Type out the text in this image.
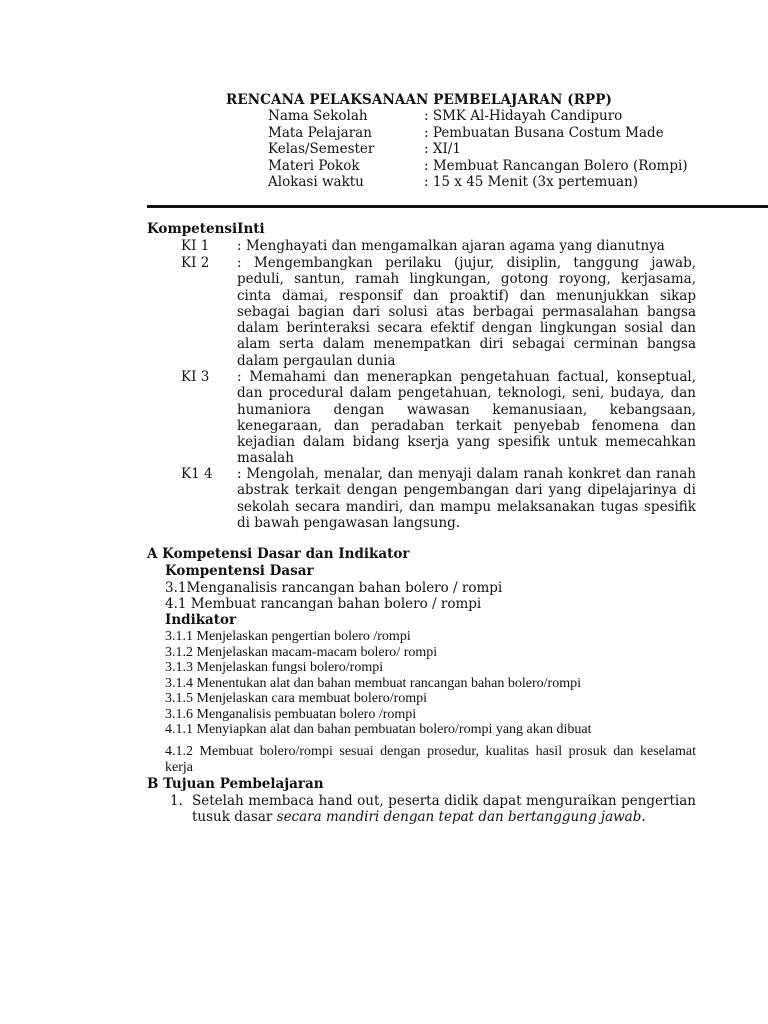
RENCANA PELAKSANAAN PEMBELAJARAN (RPP)
Nama Sekolah	: SMK Al-Hidayah Candipuro
Mata Pelajaran	: Pembuatan Busana Costum Made
Kelas/Semester	: XI/1
Materi Pokok	: Membuat Rancangan Bolero (Rompi)
Alokasi waktu	: 15 x 45 Menit (3x pertemuan)
KompetensiInti
KI 1	: Menghayati dan mengamalkan ajaran agama yang dianutnya
KI 2	: Mengembangkan perilaku (jujur, disiplin, tanggung jawab, peduli, santun, ramah lingkungan, gotong royong, kerjasama, cinta damai, responsif dan proaktif) dan menunjukkan sikap sebagai bagian dari solusi atas berbagai permasalahan bangsa dalam berinteraksi secara efektif dengan lingkungan sosial dan alam serta dalam menempatkan diri sebagai cerminan bangsa dalam pergaulan dunia
KI 3	: Memahami dan menerapkan pengetahuan factual, konseptual, dan procedural dalam pengetahuan, teknologi, seni, budaya, dan humaniora dengan wawasan kemanusiaan, kebangsaan, kenegaraan, dan peradaban terkait penyebab fenomena dan kejadian dalam bidang kserja yang spesifik untuk memecahkan masalah
K1 4	: Mengolah, menalar, dan menyaji dalam ranah konkret dan ranah abstrak terkait dengan pengembangan dari yang dipelajarinya di sekolah secara mandiri, dan mampu melaksanakan tugas spesifik di bawah pengawasan langsung.
A Kompetensi Dasar dan Indikator
Kompentensi Dasar
3.1Menganalisis rancangan bahan bolero / rompi
4.1 Membuat rancangan bahan bolero / rompi
Indikator
3.1.1 Menjelaskan pengertian bolero /rompi
3.1.2 Menjelaskan macam-macam bolero/ rompi
3.1.3 Menjelaskan fungsi bolero/rompi
3.1.4 Menentukan alat dan bahan membuat rancangan bahan bolero/rompi
3.1.5 Menjelaskan cara membuat bolero/rompi
3.1.6 Menganalisis pembuatan bolero /rompi
4.1.1 Menyiapkan alat dan bahan pembuatan bolero/rompi yang akan dibuat
4.1.2 Membuat bolero/rompi sesuai dengan prosedur, kualitas hasil prosuk dan keselamat kerja
B Tujuan Pembelajaran
1. Setelah membaca hand out, peserta didik dapat menguraikan pengertian tusuk dasar secara mandiri dengan tepat dan bertanggung jawab.
